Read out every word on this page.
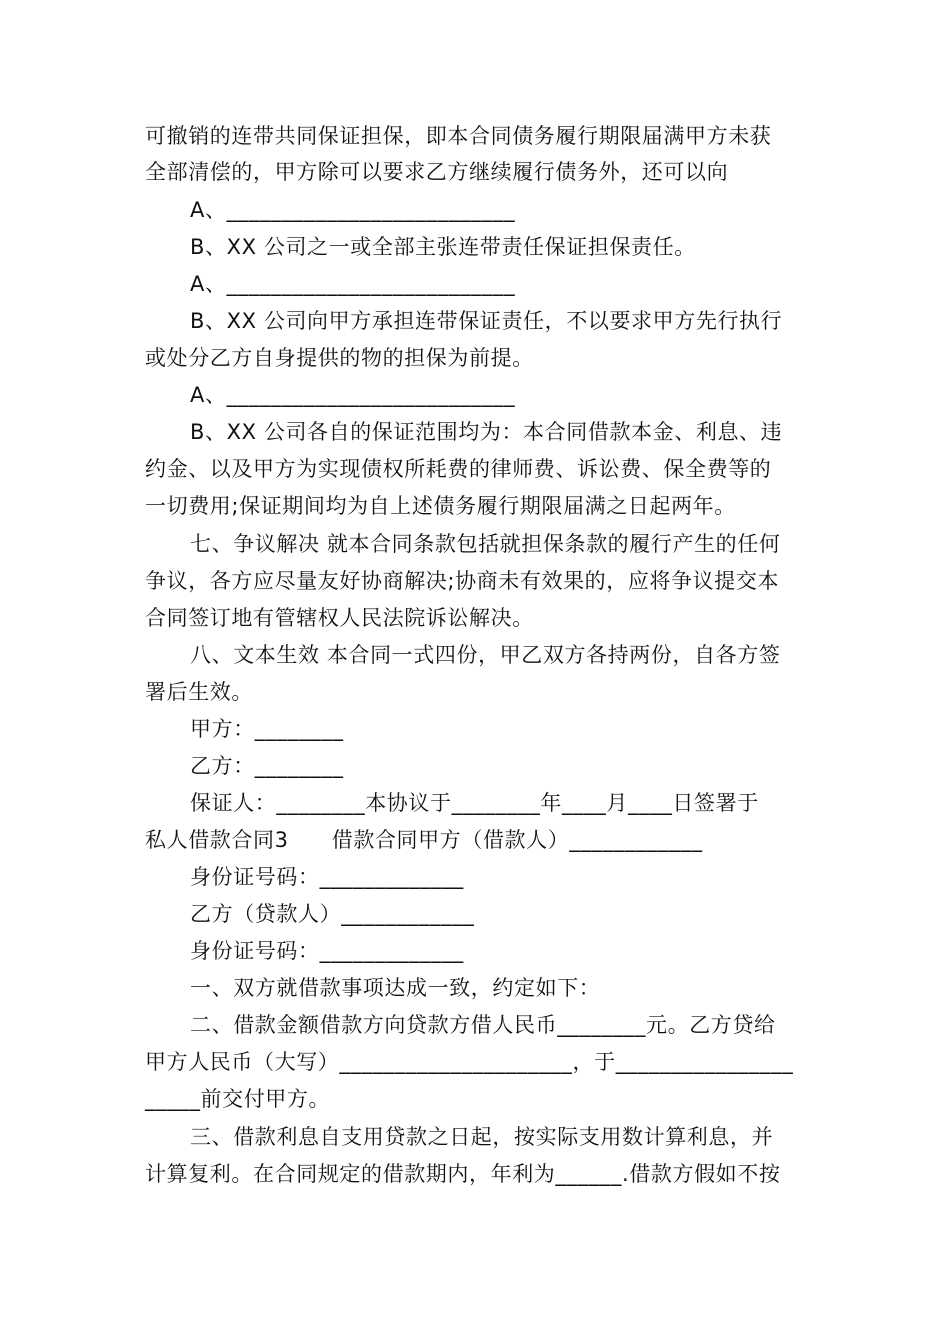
可撤销的连带共同保证担保，即本合同债务履行期限届满甲方未获
全部清偿的，甲方除可以要求乙方继续履行债务外，还可以向
A、__________________________
B、XX 公司之一或全部主张连带责任保证担保责任。
A、__________________________
B、XX 公司向甲方承担连带保证责任，不以要求甲方先行执行
或处分乙方自身提供的物的担保为前提。
A、__________________________
B、XX 公司各自的保证范围均为：本合同借款本金、利息、违
约金、以及甲方为实现债权所耗费的律师费、诉讼费、保全费等的
一切费用;保证期间均为自上述债务履行期限届满之日起两年。
七、争议解决 就本合同条款包括就担保条款的履行产生的任何
争议，各方应尽量友好协商解决;协商未有效果的，应将争议提交本
合同签订地有管辖权人民法院诉讼解决。
八、文本生效 本合同一式四份，甲乙双方各持两份，自各方签
署后生效。
甲方：________
乙方：________
保证人：________本协议于________年____月____日签署于
私人借款合同3　　借款合同甲方（借款人）____________
身份证号码：_____________
乙方（贷款人）____________
身份证号码：_____________
一、双方就借款事项达成一致，约定如下：
二、借款金额借款方向贷款方借人民币________元。乙方贷给
甲方人民币（大写）_____________________，于________________
_____前交付甲方。
三、借款利息自支用贷款之日起，按实际支用数计算利息，并
计算复利。在合同规定的借款期内，年利为______.借款方假如不按
